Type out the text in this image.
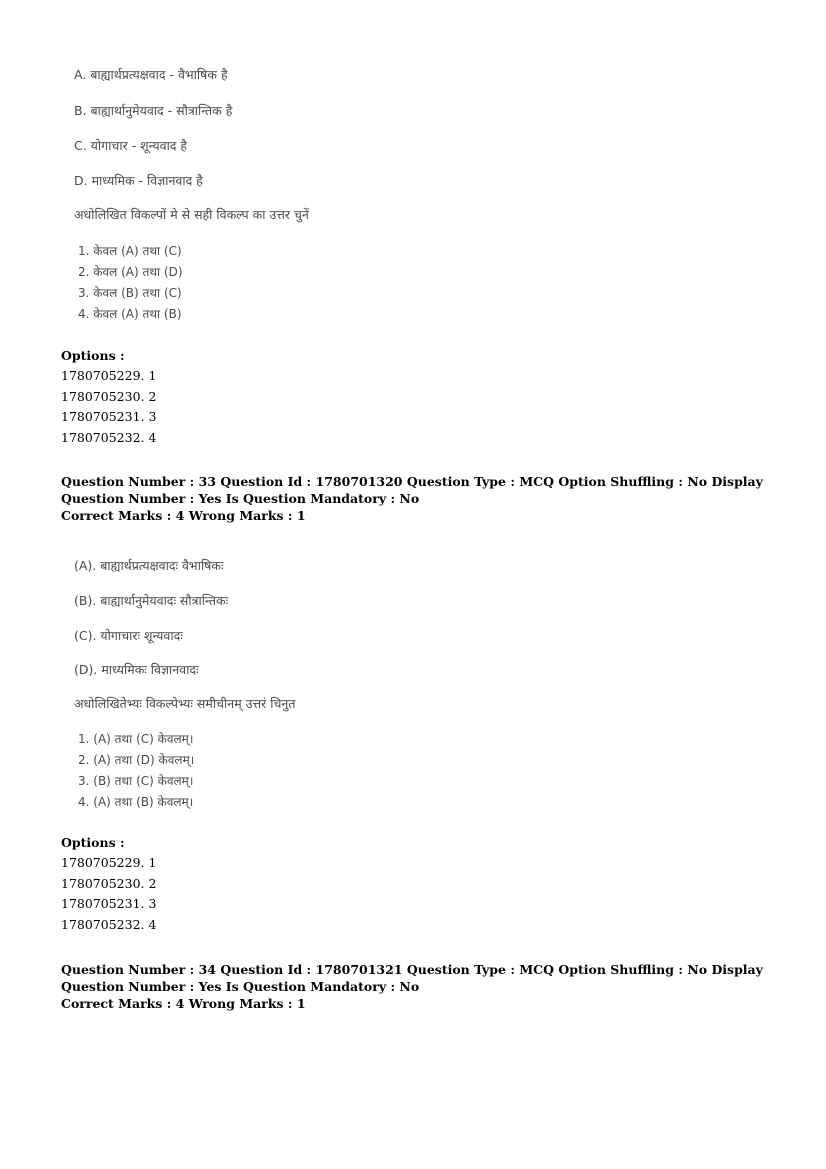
A. बाह्यार्थप्रत्यक्षवाद - वैभाषिक है
B. बाह्यार्थानुमेयवाद - सौत्रान्तिक है
C. योगाचार - शून्यवाद है
D. माध्यमिक - विज्ञानवाद है
अधोलिखित विकल्पों मे से सही विकल्प का उत्तर चुनें
1. केवल (A) तथा (C)
2. केवल (A) तथा (D)
3. केवल (B) तथा (C)
4. केवल (A) तथा (B)
Options :
1780705229. 1
1780705230. 2
1780705231. 3
1780705232. 4
Question Number : 33 Question Id : 1780701320 Question Type : MCQ Option Shuffling : No Display Question Number : Yes Is Question Mandatory : No
Correct Marks : 4 Wrong Marks : 1
(A). बाह्यार्थप्रत्यक्षवादः वैभाषिकः
(B). बाह्यार्थानुमेयवादः सौत्रान्तिकः
(C). योगाचारः शून्यवादः
(D). माध्यमिकः विज्ञानवादः
अधोलिखितेभ्यः विकल्पेभ्यः समीचीनम् उत्तरं चिनुत
1. (A) तथा (C) केवलम्।
2. (A) तथा (D) केवलम्।
3. (B) तथा (C) केवलम्।
4. (A) तथा (B) केवलम्।
Options :
1780705229. 1
1780705230. 2
1780705231. 3
1780705232. 4
Question Number : 34 Question Id : 1780701321 Question Type : MCQ Option Shuffling : No Display Question Number : Yes Is Question Mandatory : No
Correct Marks : 4 Wrong Marks : 1
